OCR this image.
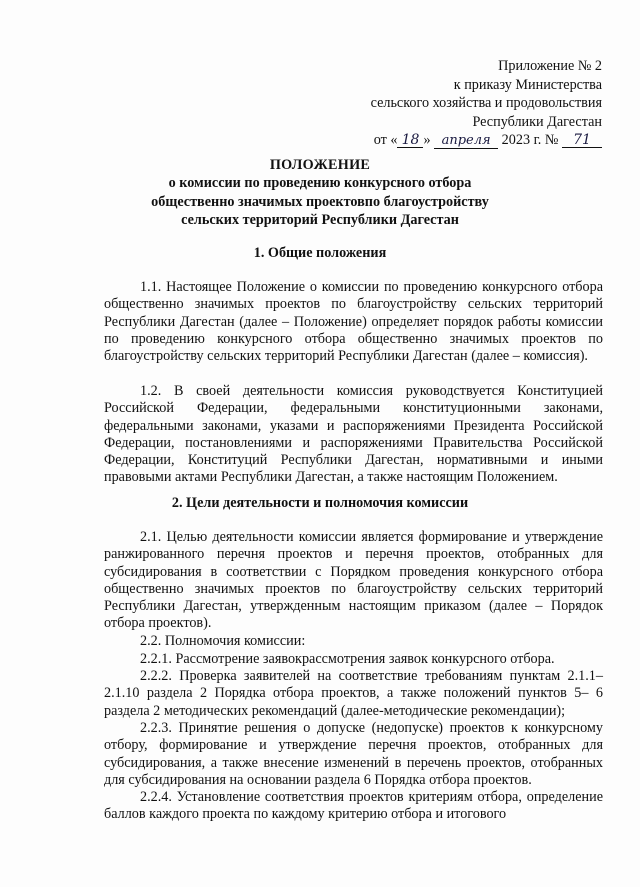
Приложение № 2
к приказу Министерства
сельского хозяйства и продовольствия
Республики Дагестан
от « 18 » апреля 2023 г. № 71
ПОЛОЖЕНИЕ
о комиссии по проведению конкурсного отбора
общественно значимых проектовпо благоустройству
сельских территорий Республики Дагестан
1. Общие положения

1.1. Настоящее Положение о комиссии по проведению конкурсного отбора общественно значимых проектов по благоустройству сельских территорий Республики Дагестан (далее – Положение) определяет порядок работы комиссии по проведению конкурсного отбора общественно значимых проектов по благоустройству сельских территорий Республики Дагестан (далее – комиссия).

1.2. В своей деятельности комиссия руководствуется Конституцией Российской Федерации, федеральными конституционными законами, федеральными законами, указами и распоряжениями Президента Российской Федерации, постановлениями и распоряжениями Правительства Российской Федерации, Конституций Республики Дагестан, нормативными и иными правовыми актами Республики Дагестан, а также настоящим Положением.

2. Цели деятельности и полномочия комиссии

2.1. Целью деятельности комиссии является формирование и утверждение ранжированного перечня проектов и перечня проектов, отобранных для субсидирования в соответствии с Порядком проведения конкурсного отбора общественно значимых проектов по благоустройству сельских территорий Республики Дагестан, утвержденным настоящим приказом (далее – Порядок отбора проектов).

2.2. Полномочия комиссии:

2.2.1. Рассмотрение заявокрассмотрения заявок конкурсного отбора.

2.2.2. Проверка заявителей на соответствие требованиям пунктам 2.1.1–2.1.10 раздела 2 Порядка отбора проектов, а также положений пунктов 5– 6 раздела 2 методических рекомендаций (далее-методические рекомендации);

2.2.3. Принятие решения о допуске (недопуске) проектов к конкурсному отбору, формирование и утверждение перечня проектов, отобранных для субсидирования, а также внесение изменений в перечень проектов, отобранных для субсидирования на основании раздела 6 Порядка отбора проектов.

2.2.4. Установление соответствия проектов критериям отбора, определение баллов каждого проекта по каждому критерию отбора и итогового
